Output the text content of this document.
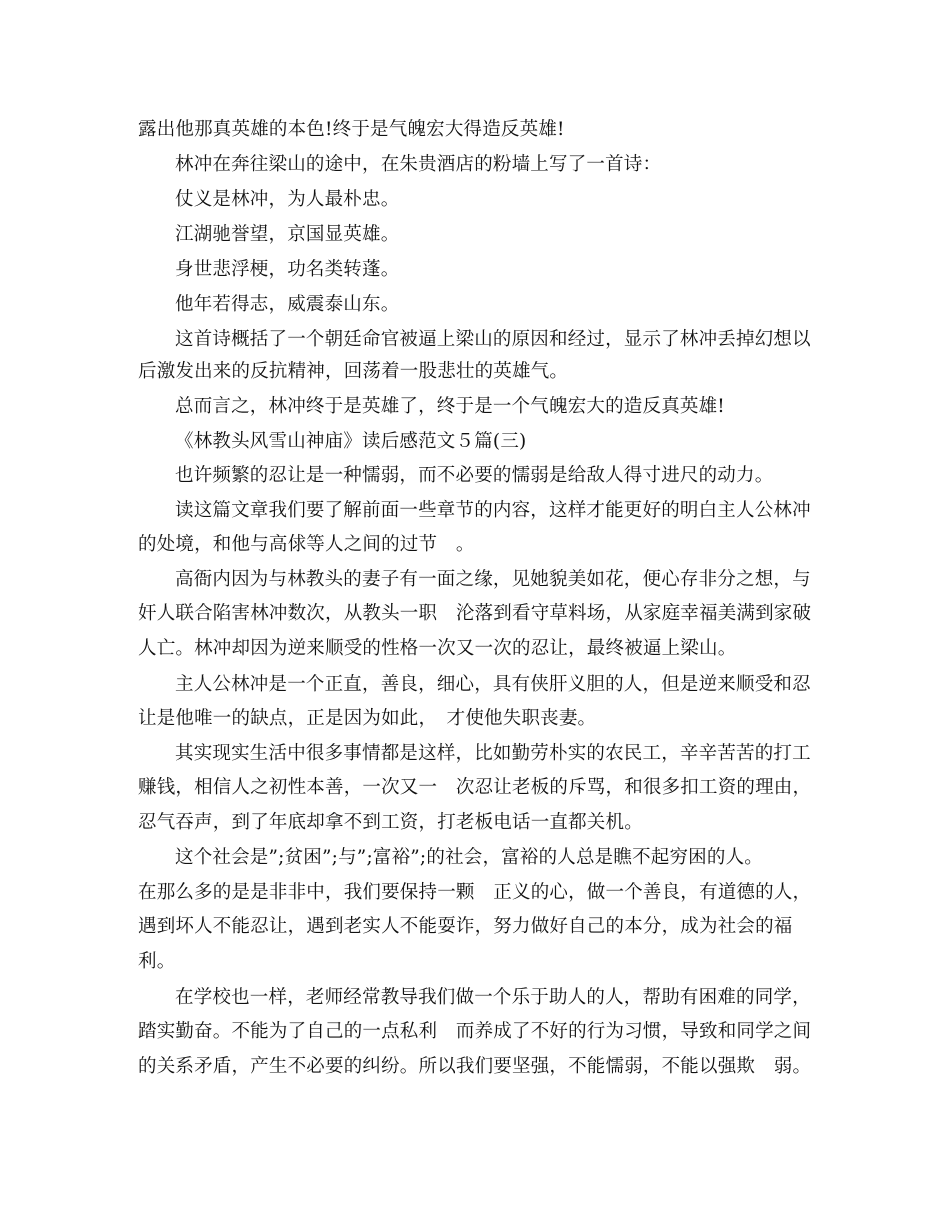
露出他那真英雄的本色!终于是气魄宏大得造反英雄!
林冲在奔往梁山的途中，在朱贵酒店的粉墙上写了一首诗：
仗义是林冲，为人最朴忠。
江湖驰誉望，京国显英雄。
身世悲浮梗，功名类转蓬。
他年若得志，威震泰山东。
这首诗概括了一个朝廷命官被逼上梁山的原因和经过，显示了林冲丢掉幻想以
后激发出来的反抗精神，回荡着一股悲壮的英雄气。
总而言之，林冲终于是英雄了，终于是一个气魄宏大的造反真英雄!
《林教头风雪山神庙》读后感范文５篇(三)
也许频繁的忍让是一种懦弱，而不必要的懦弱是给敌人得寸进尺的动力。
读这篇文章我们要了解前面一些章节的内容，这样才能更好的明白主人公林冲
的处境，和他与高俅等人之间的过节　。
高衙内因为与林教头的妻子有一面之缘，见她貌美如花，便心存非分之想，与
奸人联合陷害林冲数次，从教头一职　沦落到看守草料场，从家庭幸福美满到家破
人亡。林冲却因为逆来顺受的性格一次又一次的忍让，最终被逼上梁山。
主人公林冲是一个正直，善良，细心，具有侠肝义胆的人，但是逆来顺受和忍
让是他唯一的缺点，正是因为如此，　才使他失职丧妻。
其实现实生活中很多事情都是这样，比如勤劳朴实的农民工，辛辛苦苦的打工
赚钱，相信人之初性本善，一次又一　次忍让老板的斥骂，和很多扣工资的理由，
忍气吞声，到了年底却拿不到工资，打老板电话一直都关机。
这个社会是”;贫困”;与”;富裕”;的社会，富裕的人总是瞧不起穷困的人。
在那么多的是是非非中，我们要保持一颗　正义的心，做一个善良，有道德的人，
遇到坏人不能忍让，遇到老实人不能耍诈，努力做好自己的本分，成为社会的福
利。
在学校也一样，老师经常教导我们做一个乐于助人的人，帮助有困难的同学，
踏实勤奋。不能为了自己的一点私利　而养成了不好的行为习惯，导致和同学之间
的关系矛盾，产生不必要的纠纷。所以我们要坚强，不能懦弱，不能以强欺　弱。
